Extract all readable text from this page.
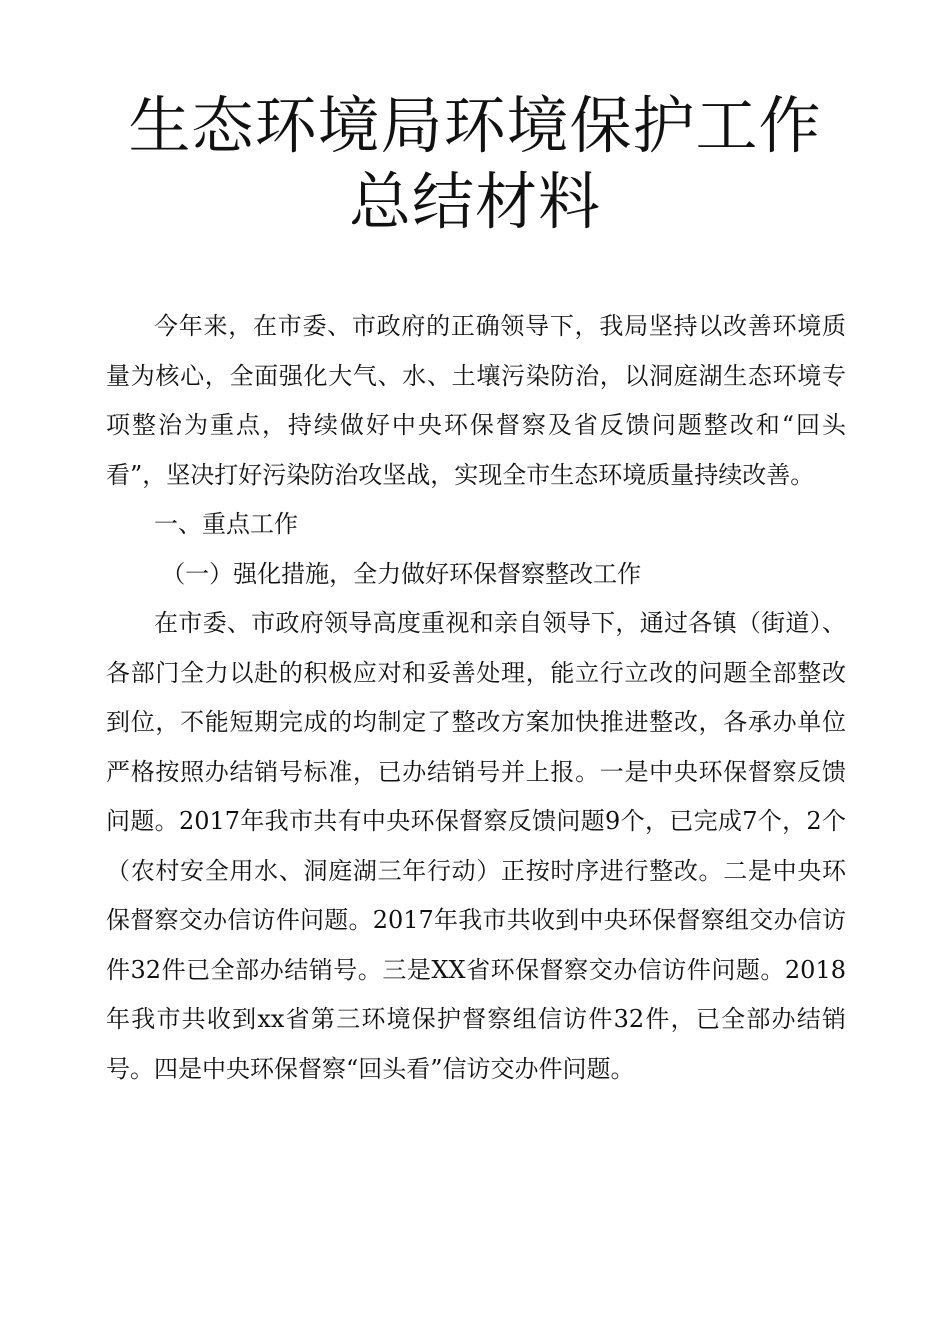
生态环境局环境保护工作总结材料

今年来，在市委、市政府的正确领导下，我局坚持以改善环境质量为核心，全面强化大气、水、土壤污染防治，以洞庭湖生态环境专项整治为重点，持续做好中央环保督察及省反馈问题整改和“回头看”，坚决打好污染防治攻坚战，实现全市生态环境质量持续改善。

一、重点工作

（一）强化措施，全力做好环保督察整改工作

在市委、市政府领导高度重视和亲自领导下，通过各镇（街道）、各部门全力以赴的积极应对和妥善处理，能立行立改的问题全部整改到位，不能短期完成的均制定了整改方案加快推进整改，各承办单位严格按照办结销号标准，已办结销号并上报。一是中央环保督察反馈问题。2017年我市共有中央环保督察反馈问题9个，已完成7个，2个（农村安全用水、洞庭湖三年行动）正按时序进行整改。二是中央环保督察交办信访件问题。2017年我市共收到中央环保督察组交办信访件32件已全部办结销号。三是XX省环保督察交办信访件问题。2018年我市共收到xx省第三环境保护督察组信访件32件，已全部办结销号。四是中央环保督察“回头看”信访交办件问题。
